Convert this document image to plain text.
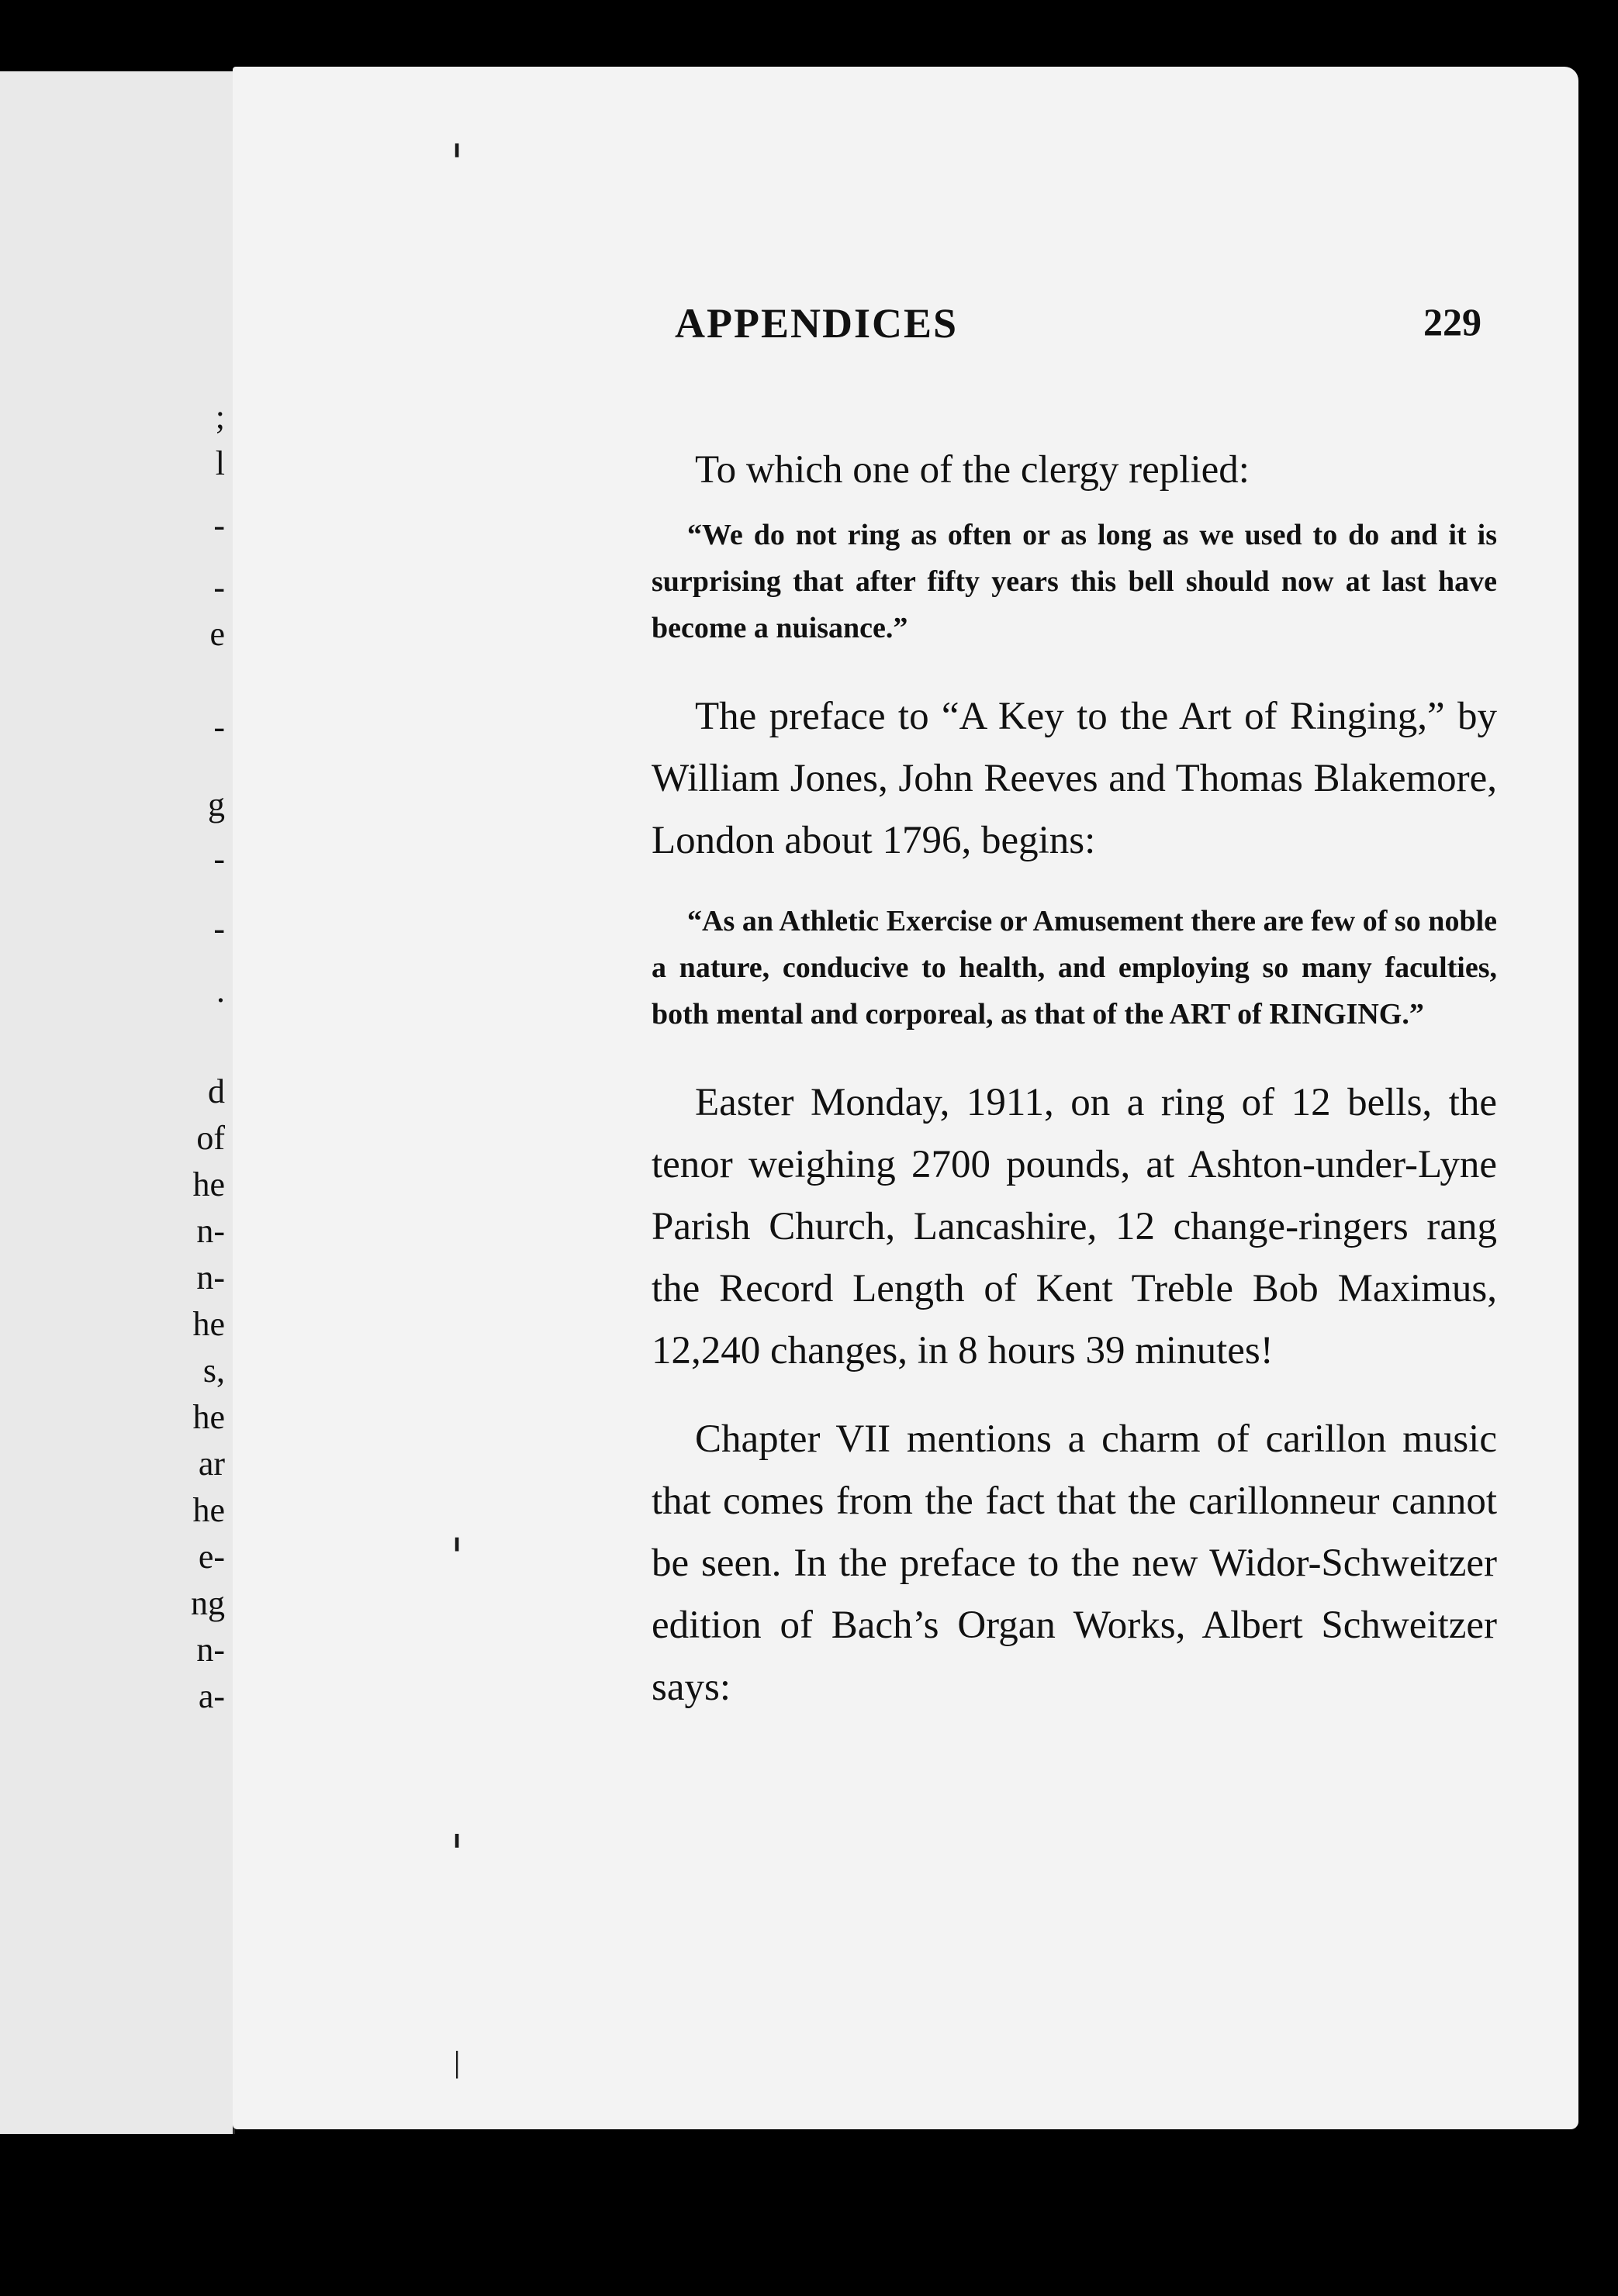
;
l
-
-
e
-
g
-
-
.
d
of
he
n-
n-
he
s,
he
ar
he
e-
ng
n-
a-
╹
╻
╹
│
APPENDICES	229

To which one of the clergy replied:

“We do not ring as often or as long as we used to do and it is surprising that after fifty years this bell should now at last have become a nuisance.”

The preface to “A Key to the Art of Ringing,” by William Jones, John Reeves and Thomas Blakemore, London about 1796, begins:

“As an Athletic Exercise or Amusement there are few of so noble a nature, conducive to health, and employing so many faculties, both mental and corporeal, as that of the ART of RINGING.”

Easter Monday, 1911, on a ring of 12 bells, the tenor weighing 2700 pounds, at Ashton-under-Lyne Parish Church, Lancashire, 12 change-ringers rang the Record Length of Kent Treble Bob Maximus, 12,240 changes, in 8 hours 39 minutes!

Chapter VII mentions a charm of carillon music that comes from the fact that the carillonneur cannot be seen. In the preface to the new Widor-Schweitzer edition of Bach’s Organ Works, Albert Schweitzer says:
